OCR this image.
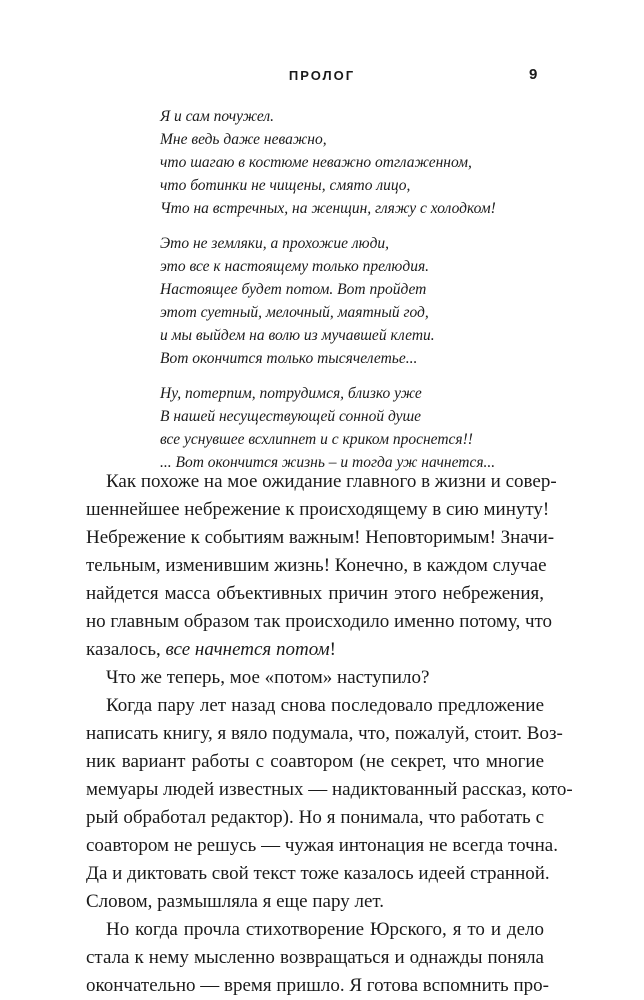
ПРОЛОГ	9
Я и сам почужел.
Мне ведь даже неважно,
что шагаю в костюме неважно отглаженном,
что ботинки не чищены, смято лицо,
Что на встречных, на женщин, гляжу с холодком!
Это не земляки, а прохожие люди,
это все к настоящему только прелюдия.
Настоящее будет потом. Вот пройдет
этот суетный, мелочный, маятный год,
и мы выйдем на волю из мучавшей клети.
Вот окончится только тысячелетье...
Ну, потерпим, потрудимся, близко уже
В нашей несуществующей сонной душе
все уснувшее всхлипнет и с криком проснется!!
... Вот окончится жизнь – и тогда уж начнется...
Как похоже на мое ожидание главного в жизни и совер-
шеннейшее небрежение к происходящему в сию минуту!
Небрежение к событиям важным! Неповторимым! Значи-
тельным, изменившим жизнь! Конечно, в каждом случае
найдется масса объективных причин этого небрежения,
но главным образом так происходило именно потому, что
казалось, все начнется потом!
Что же теперь, мое «потом» наступило?
Когда пару лет назад снова последовало предложение
написать книгу, я вяло подумала, что, пожалуй, стоит. Воз-
ник вариант работы с соавтором (не секрет, что многие
мемуары людей известных — надиктованный рассказ, кото-
рый обработал редактор). Но я понимала, что работать с
соавтором не решусь — чужая интонация не всегда точна.
Да и диктовать свой текст тоже казалось идеей странной.
Словом, размышляла я еще пару лет.
Но когда прочла стихотворение Юрского, я то и дело
стала к нему мысленно возвращаться и однажды поняла
окончательно — время пришло. Я готова вспомнить про-
